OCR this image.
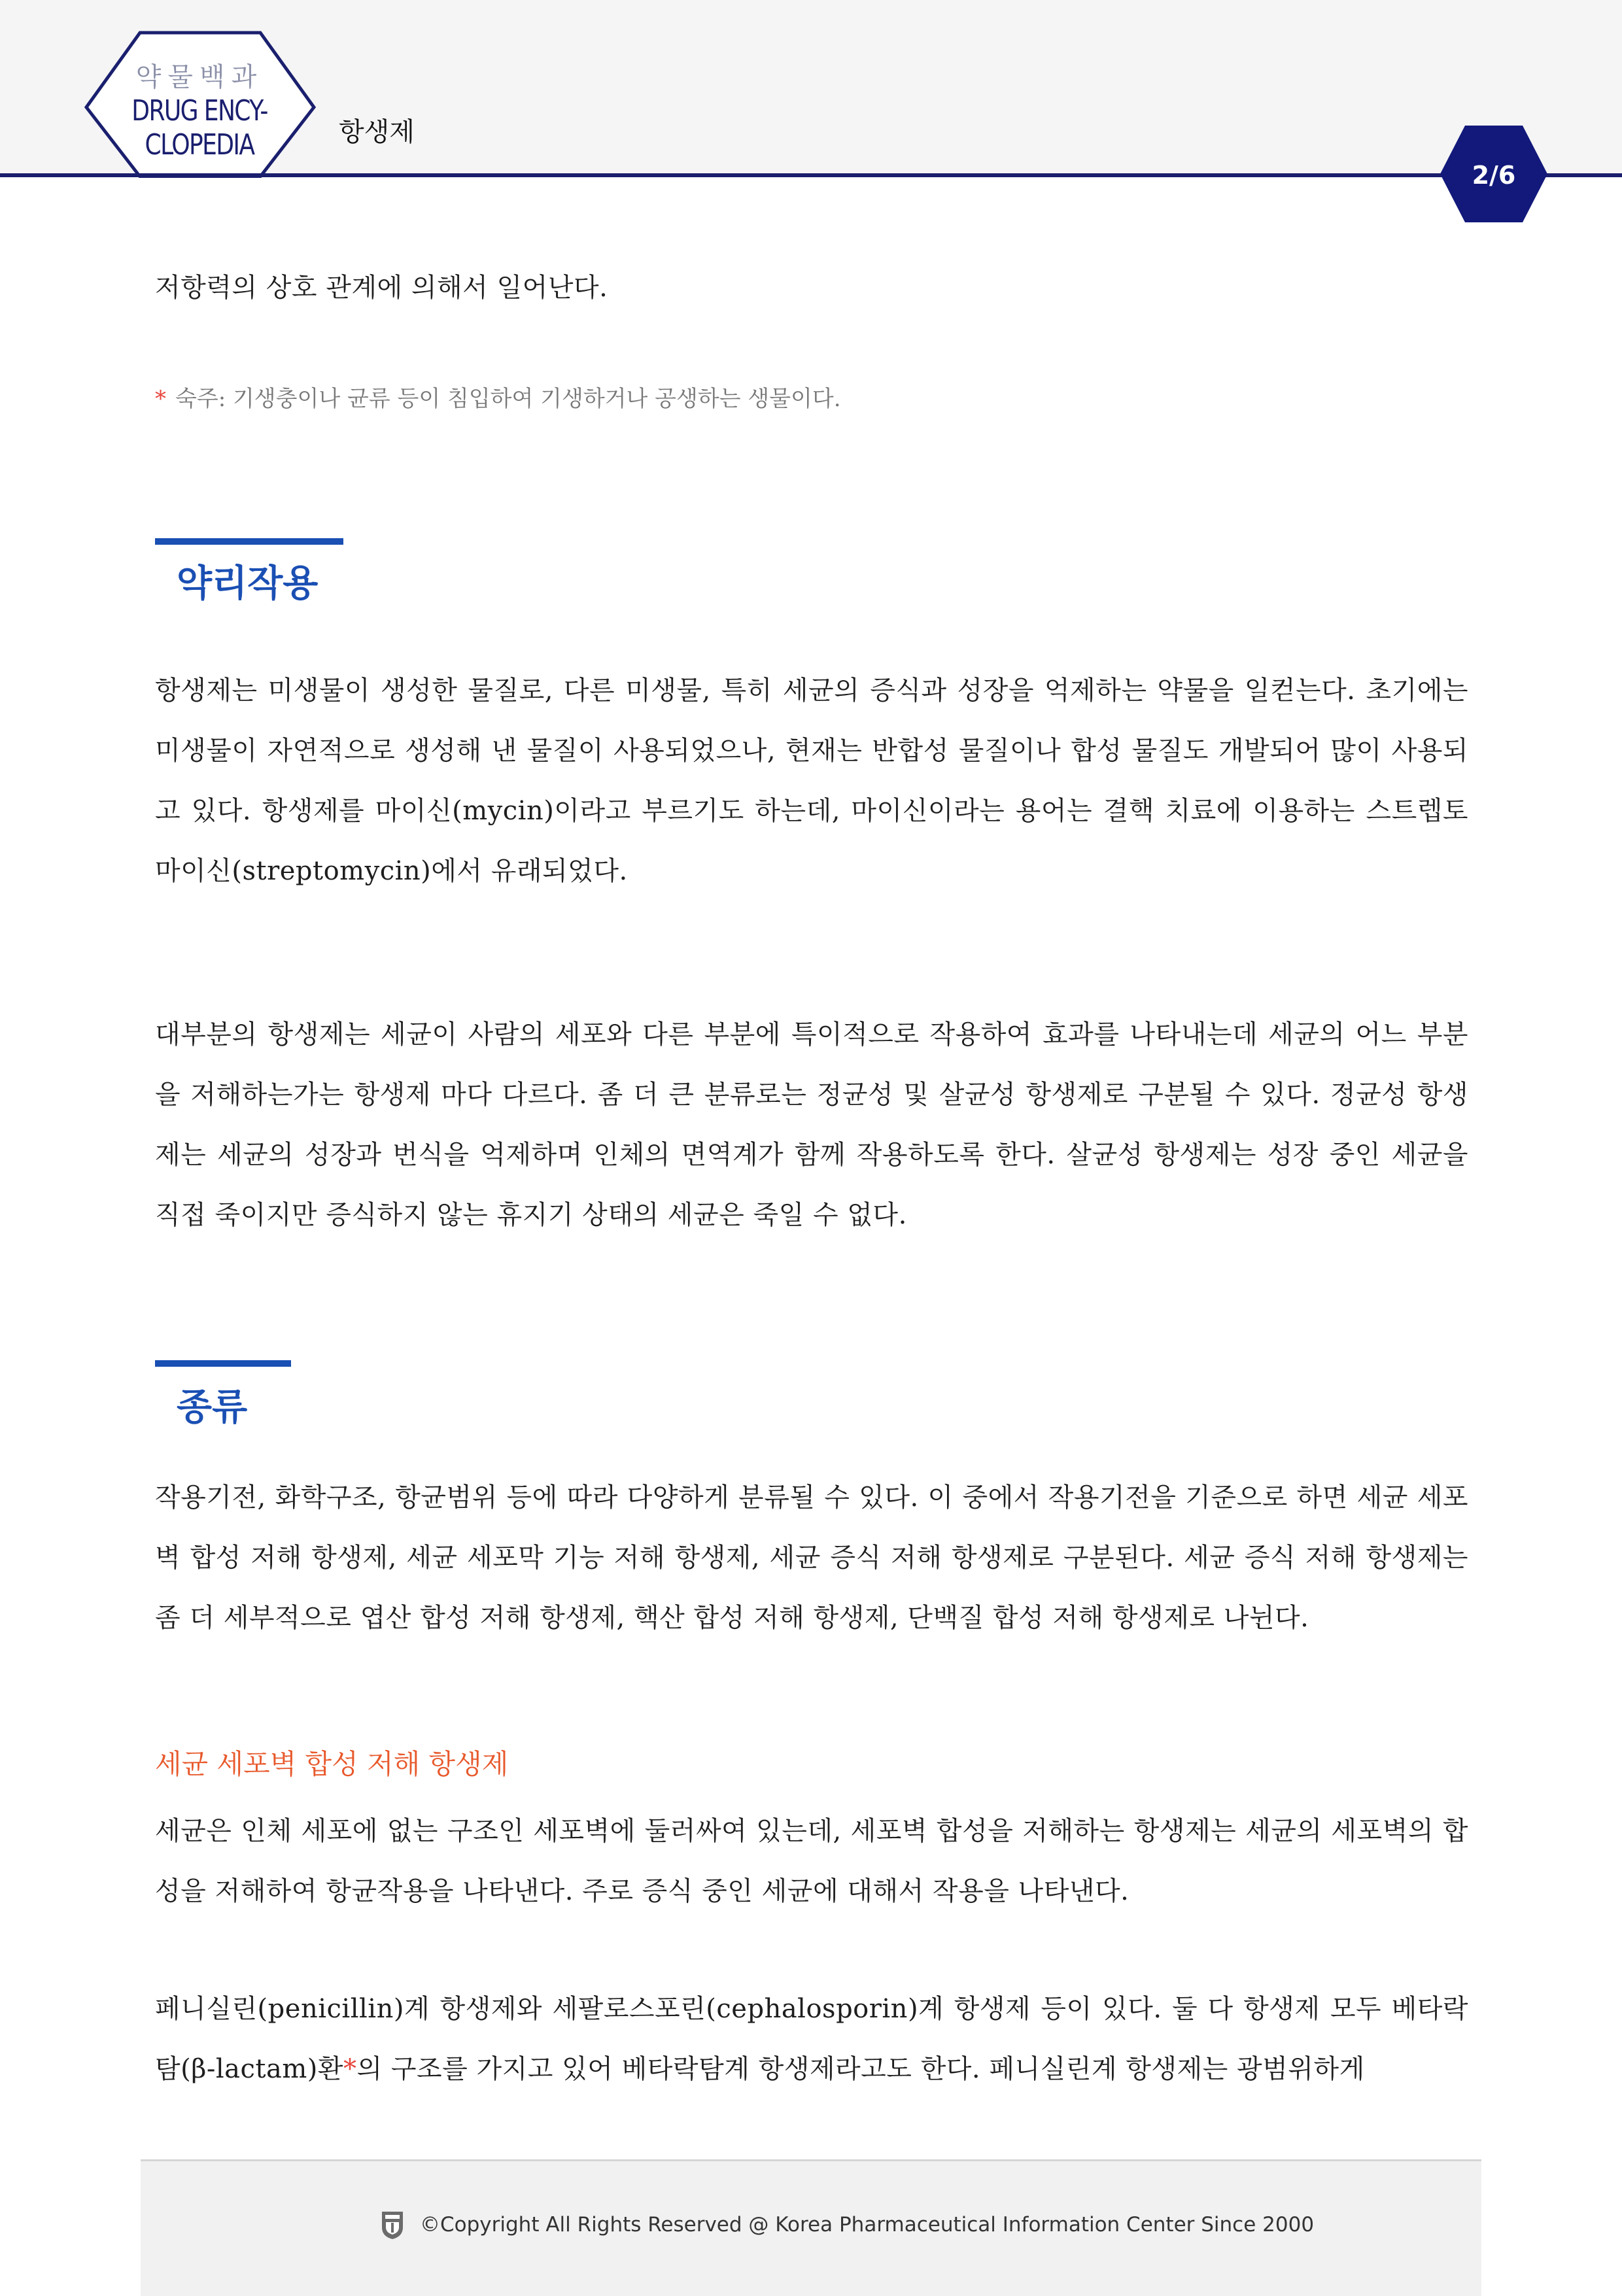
약물백과
DRUG ENCY-
CLOPEDIA	항생제
2/6

저항력의 상호 관계에 의해서 일어난다.

* 숙주: 기생충이나 균류 등이 침입하여 기생하거나 공생하는 생물이다.
약리작용

항생제는 미생물이 생성한 물질로, 다른 미생물, 특히 세균의 증식과 성장을 억제하는 약물을 일컫는다. 초기에는 미생물이 자연적으로 생성해 낸 물질이 사용되었으나, 현재는 반합성 물질이나 합성 물질도 개발되어 많이 사용되고 있다. 항생제를 마이신(mycin)이라고 부르기도 하는데, 마이신이라는 용어는 결핵 치료에 이용하는 스트렙토마이신(streptomycin)에서 유래되었다.

대부분의 항생제는 세균이 사람의 세포와 다른 부분에 특이적으로 작용하여 효과를 나타내는데 세균의 어느 부분을 저해하는가는 항생제 마다 다르다. 좀 더 큰 분류로는 정균성 및 살균성 항생제로 구분될 수 있다. 정균성 항생제는 세균의 성장과 번식을 억제하며 인체의 면역계가 함께 작용하도록 한다. 살균성 항생제는 성장 중인 세균을 직접 죽이지만 증식하지 않는 휴지기 상태의 세균은 죽일 수 없다.

종류

작용기전, 화학구조, 항균범위 등에 따라 다양하게 분류될 수 있다. 이 중에서 작용기전을 기준으로 하면 세균 세포벽 합성 저해 항생제, 세균 세포막 기능 저해 항생제, 세균 증식 저해 항생제로 구분된다. 세균 증식 저해 항생제는 좀 더 세부적으로 엽산 합성 저해 항생제, 핵산 합성 저해 항생제, 단백질 합성 저해 항생제로 나뉜다.

세균 세포벽 합성 저해 항생제

세균은 인체 세포에 없는 구조인 세포벽에 둘러싸여 있는데, 세포벽 합성을 저해하는 항생제는 세균의 세포벽의 합성을 저해하여 항균작용을 나타낸다. 주로 증식 중인 세균에 대해서 작용을 나타낸다.

페니실린(penicillin)계 항생제와 세팔로스포린(cephalosporin)계 항생제 등이 있다. 둘 다 항생제 모두 베타락탐(β-lactam)환*의 구조를 가지고 있어 베타락탐계 항생제라고도 한다. 페니실린계 항생제는 광범위하게

©Copyright All Rights Reserved @ Korea Pharmaceutical Information Center Since 2000
